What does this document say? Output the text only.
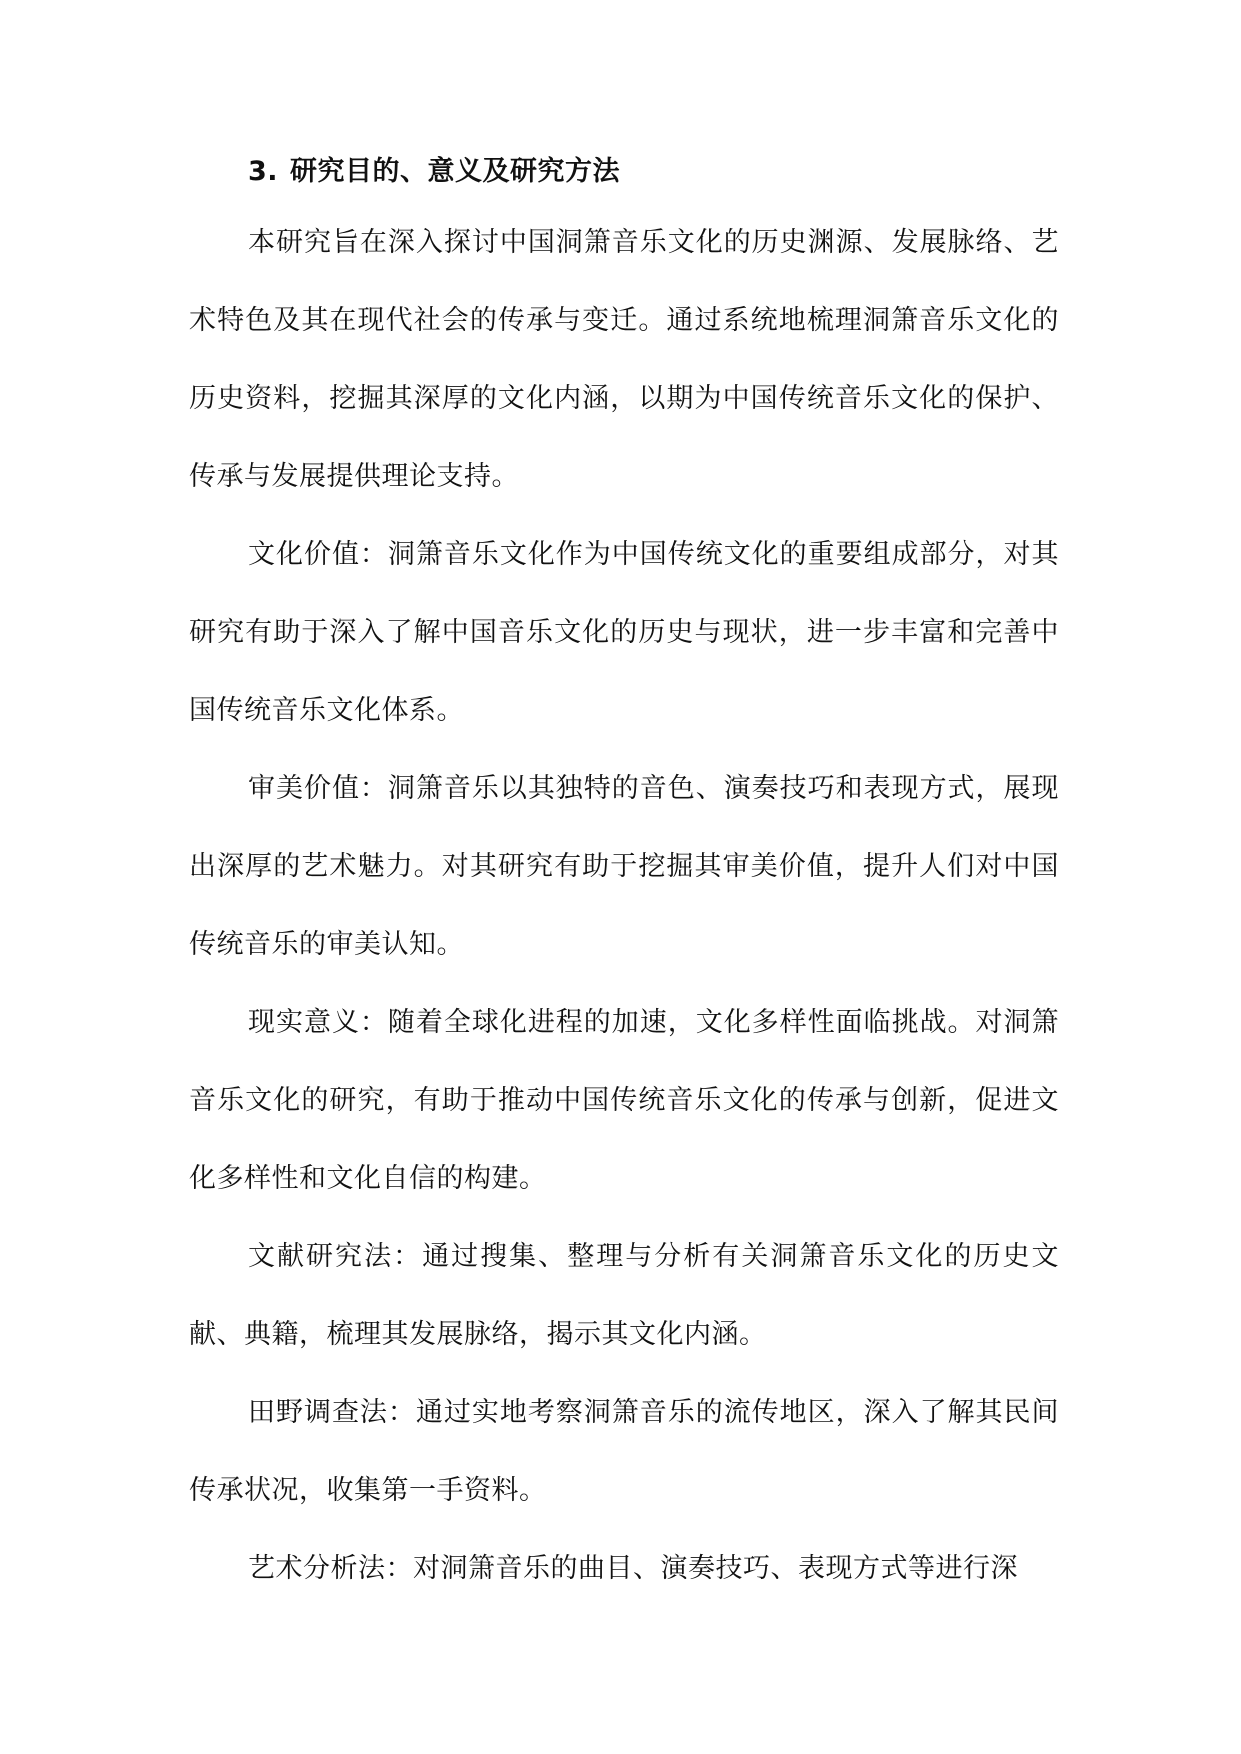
3. 研究目的、意义及研究方法

本研究旨在深入探讨中国洞箫音乐文化的历史渊源、发展脉络、艺术特色及其在现代社会的传承与变迁。通过系统地梳理洞箫音乐文化的历史资料，挖掘其深厚的文化内涵，以期为中国传统音乐文化的保护、传承与发展提供理论支持。

文化价值：洞箫音乐文化作为中国传统文化的重要组成部分，对其研究有助于深入了解中国音乐文化的历史与现状，进一步丰富和完善中国传统音乐文化体系。

审美价值：洞箫音乐以其独特的音色、演奏技巧和表现方式，展现出深厚的艺术魅力。对其研究有助于挖掘其审美价值，提升人们对中国传统音乐的审美认知。

现实意义：随着全球化进程的加速，文化多样性面临挑战。对洞箫音乐文化的研究，有助于推动中国传统音乐文化的传承与创新，促进文化多样性和文化自信的构建。

文献研究法：通过搜集、整理与分析有关洞箫音乐文化的历史文献、典籍，梳理其发展脉络，揭示其文化内涵。

田野调查法：通过实地考察洞箫音乐的流传地区，深入了解其民间传承状况，收集第一手资料。

艺术分析法：对洞箫音乐的曲目、演奏技巧、表现方式等进行深
